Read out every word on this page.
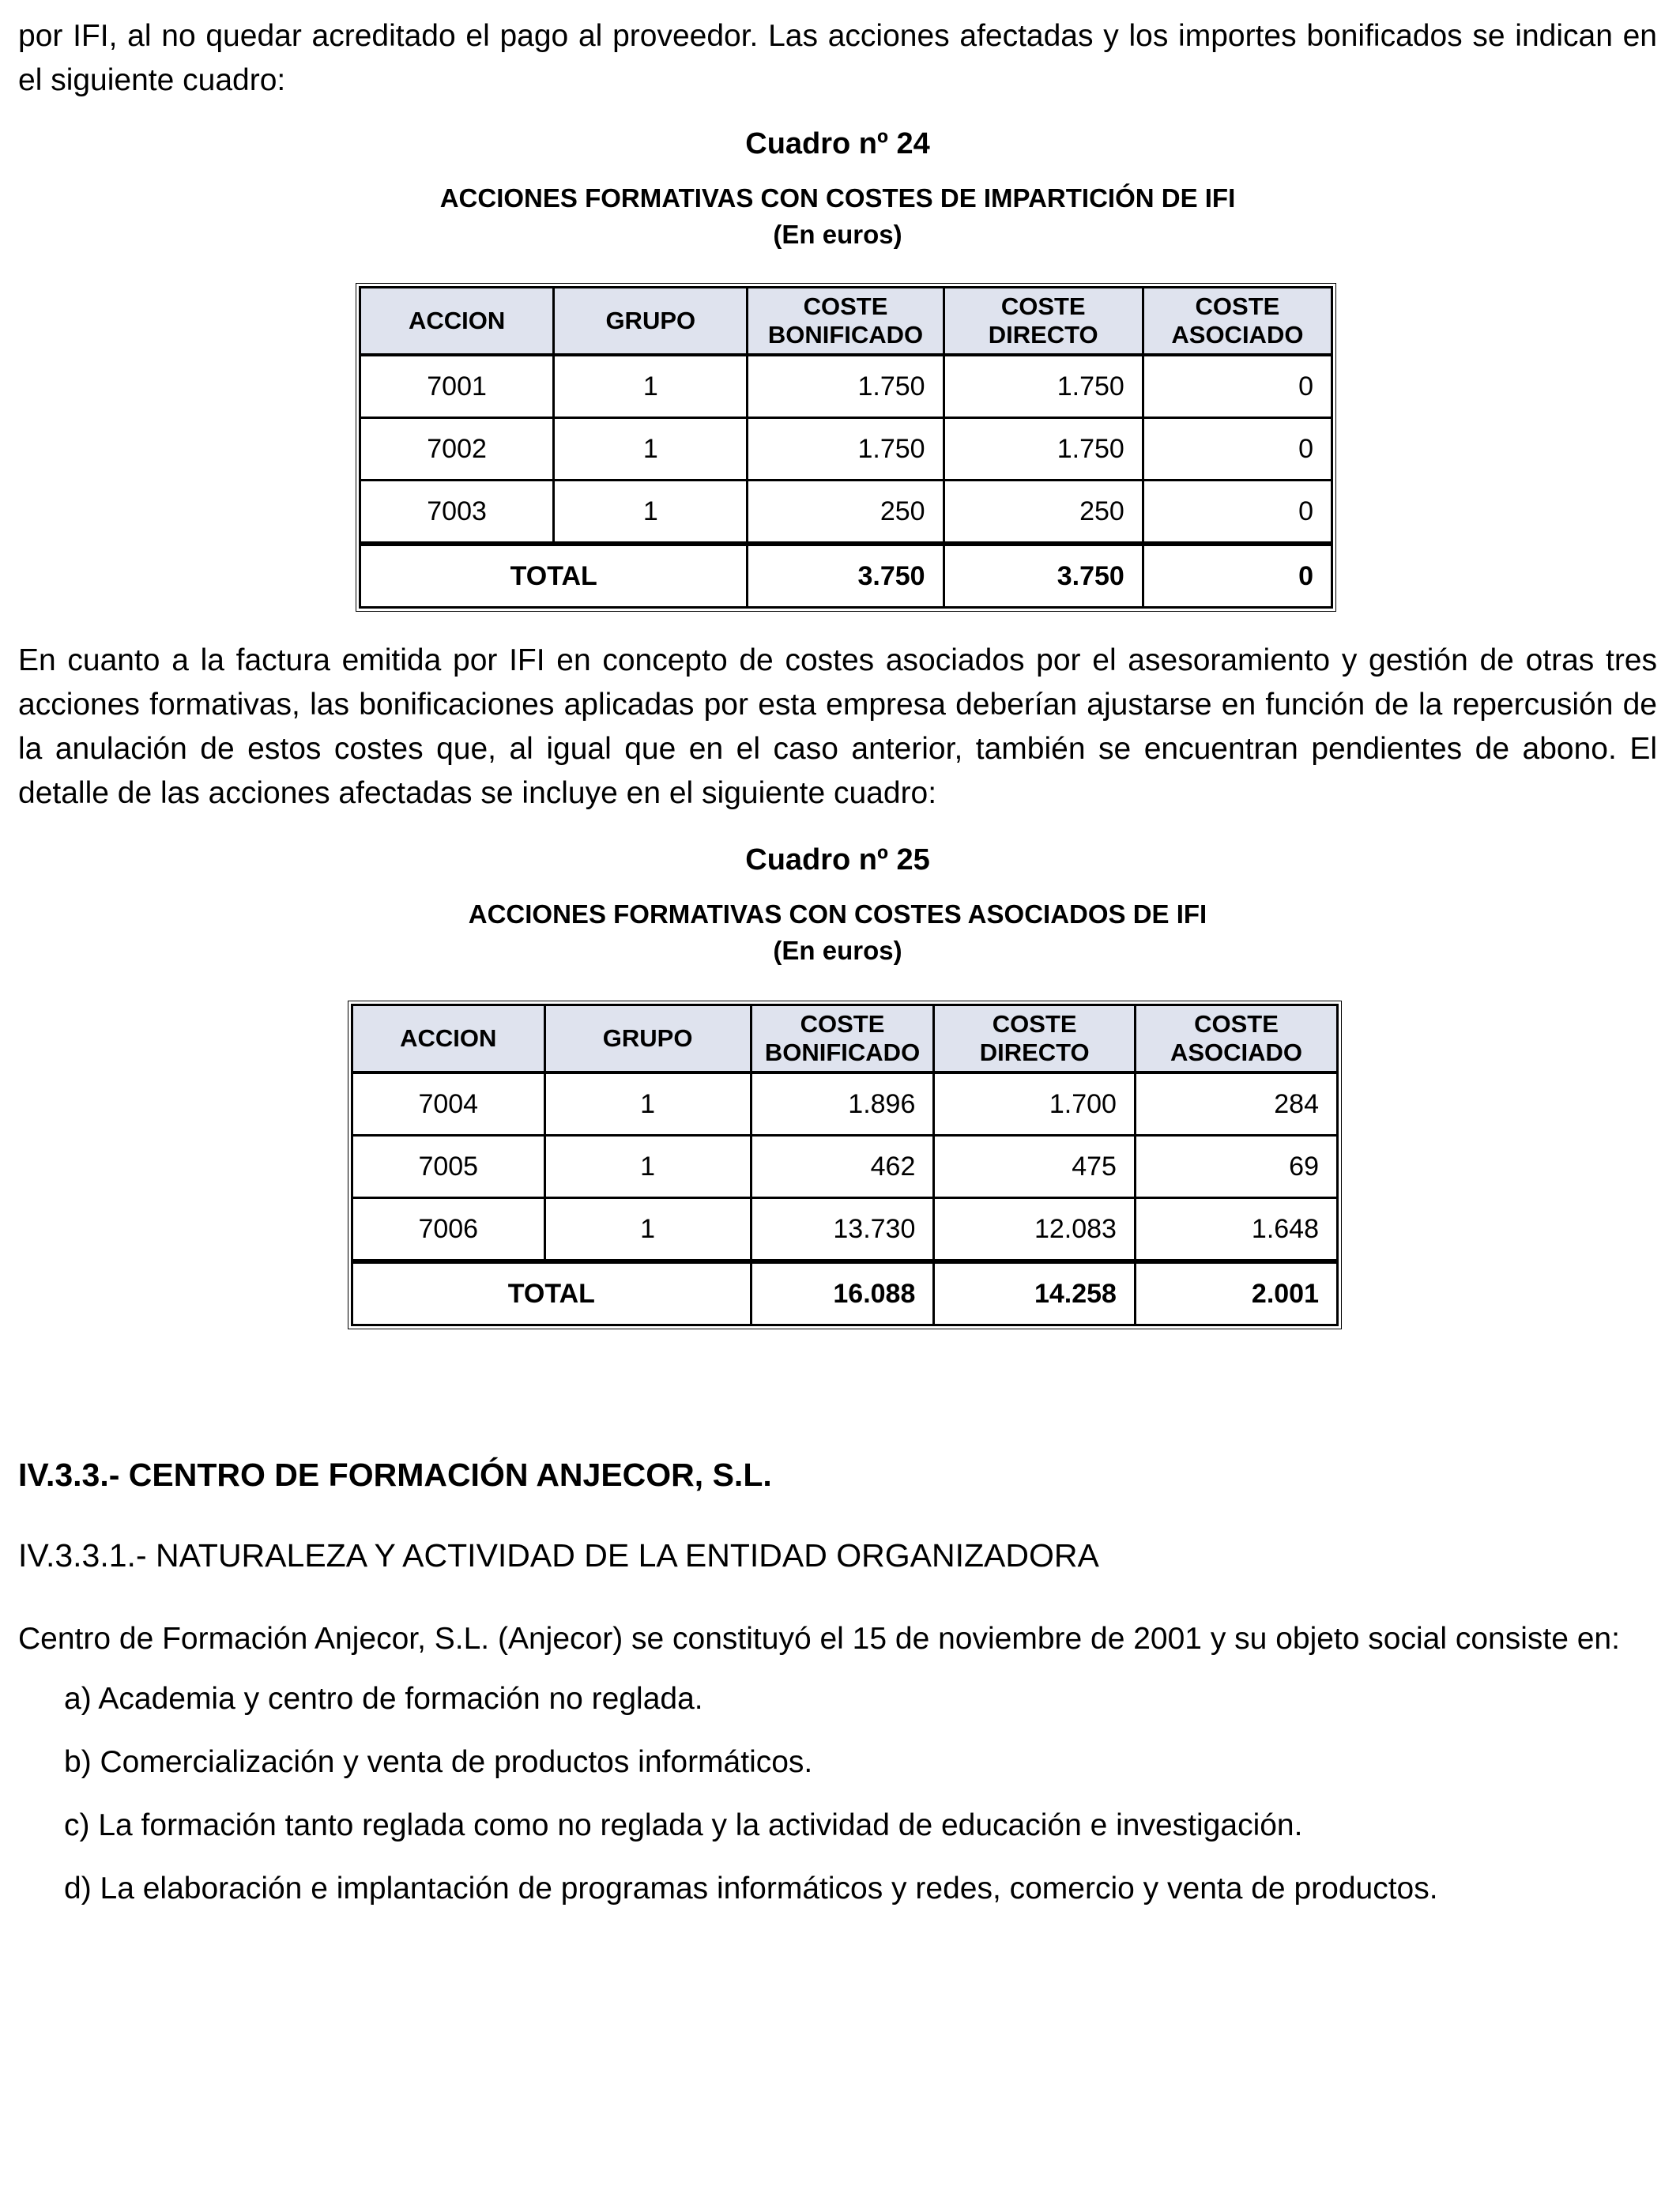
por IFI, al no quedar acreditado el pago al proveedor. Las acciones afectadas y los importes bonificados se indican en el siguiente cuadro:

Cuadro nº 24
ACCIONES FORMATIVAS CON COSTES DE IMPARTICIÓN DE IFI
(En euros)
ACCION	GRUPO	COSTE BONIFICADO	COSTE DIRECTO	COSTE ASOCIADO
7001	1	1.750	1.750	0
7002	1	1.750	1.750	0
7003	1	250	250	0
TOTAL		3.750	3.750	0

En cuanto a la factura emitida por IFI en concepto de costes asociados por el asesoramiento y gestión de otras tres acciones formativas, las bonificaciones aplicadas por esta empresa deberían ajustarse en función de la repercusión de la anulación de estos costes que, al igual que en el caso anterior, también se encuentran pendientes de abono. El detalle de las acciones afectadas se incluye en el siguiente cuadro:

Cuadro nº 25
ACCIONES FORMATIVAS CON COSTES ASOCIADOS DE IFI
(En euros)
ACCION	GRUPO	COSTE BONIFICADO	COSTE DIRECTO	COSTE ASOCIADO
7004	1	1.896	1.700	284
7005	1	462	475	69
7006	1	13.730	12.083	1.648
TOTAL		16.088	14.258	2.001
IV.3.3.- CENTRO DE FORMACIÓN ANJECOR, S.L.
IV.3.3.1.- NATURALEZA Y ACTIVIDAD DE LA ENTIDAD ORGANIZADORA

Centro de Formación Anjecor, S.L. (Anjecor) se constituyó el 15 de noviembre de 2001 y su objeto social consiste en:

a) Academia y centro de formación no reglada.
b) Comercialización y venta de productos informáticos.
c) La formación tanto reglada como no reglada y la actividad de educación e investigación.
d) La elaboración e implantación de programas informáticos y redes, comercio y venta de productos.
